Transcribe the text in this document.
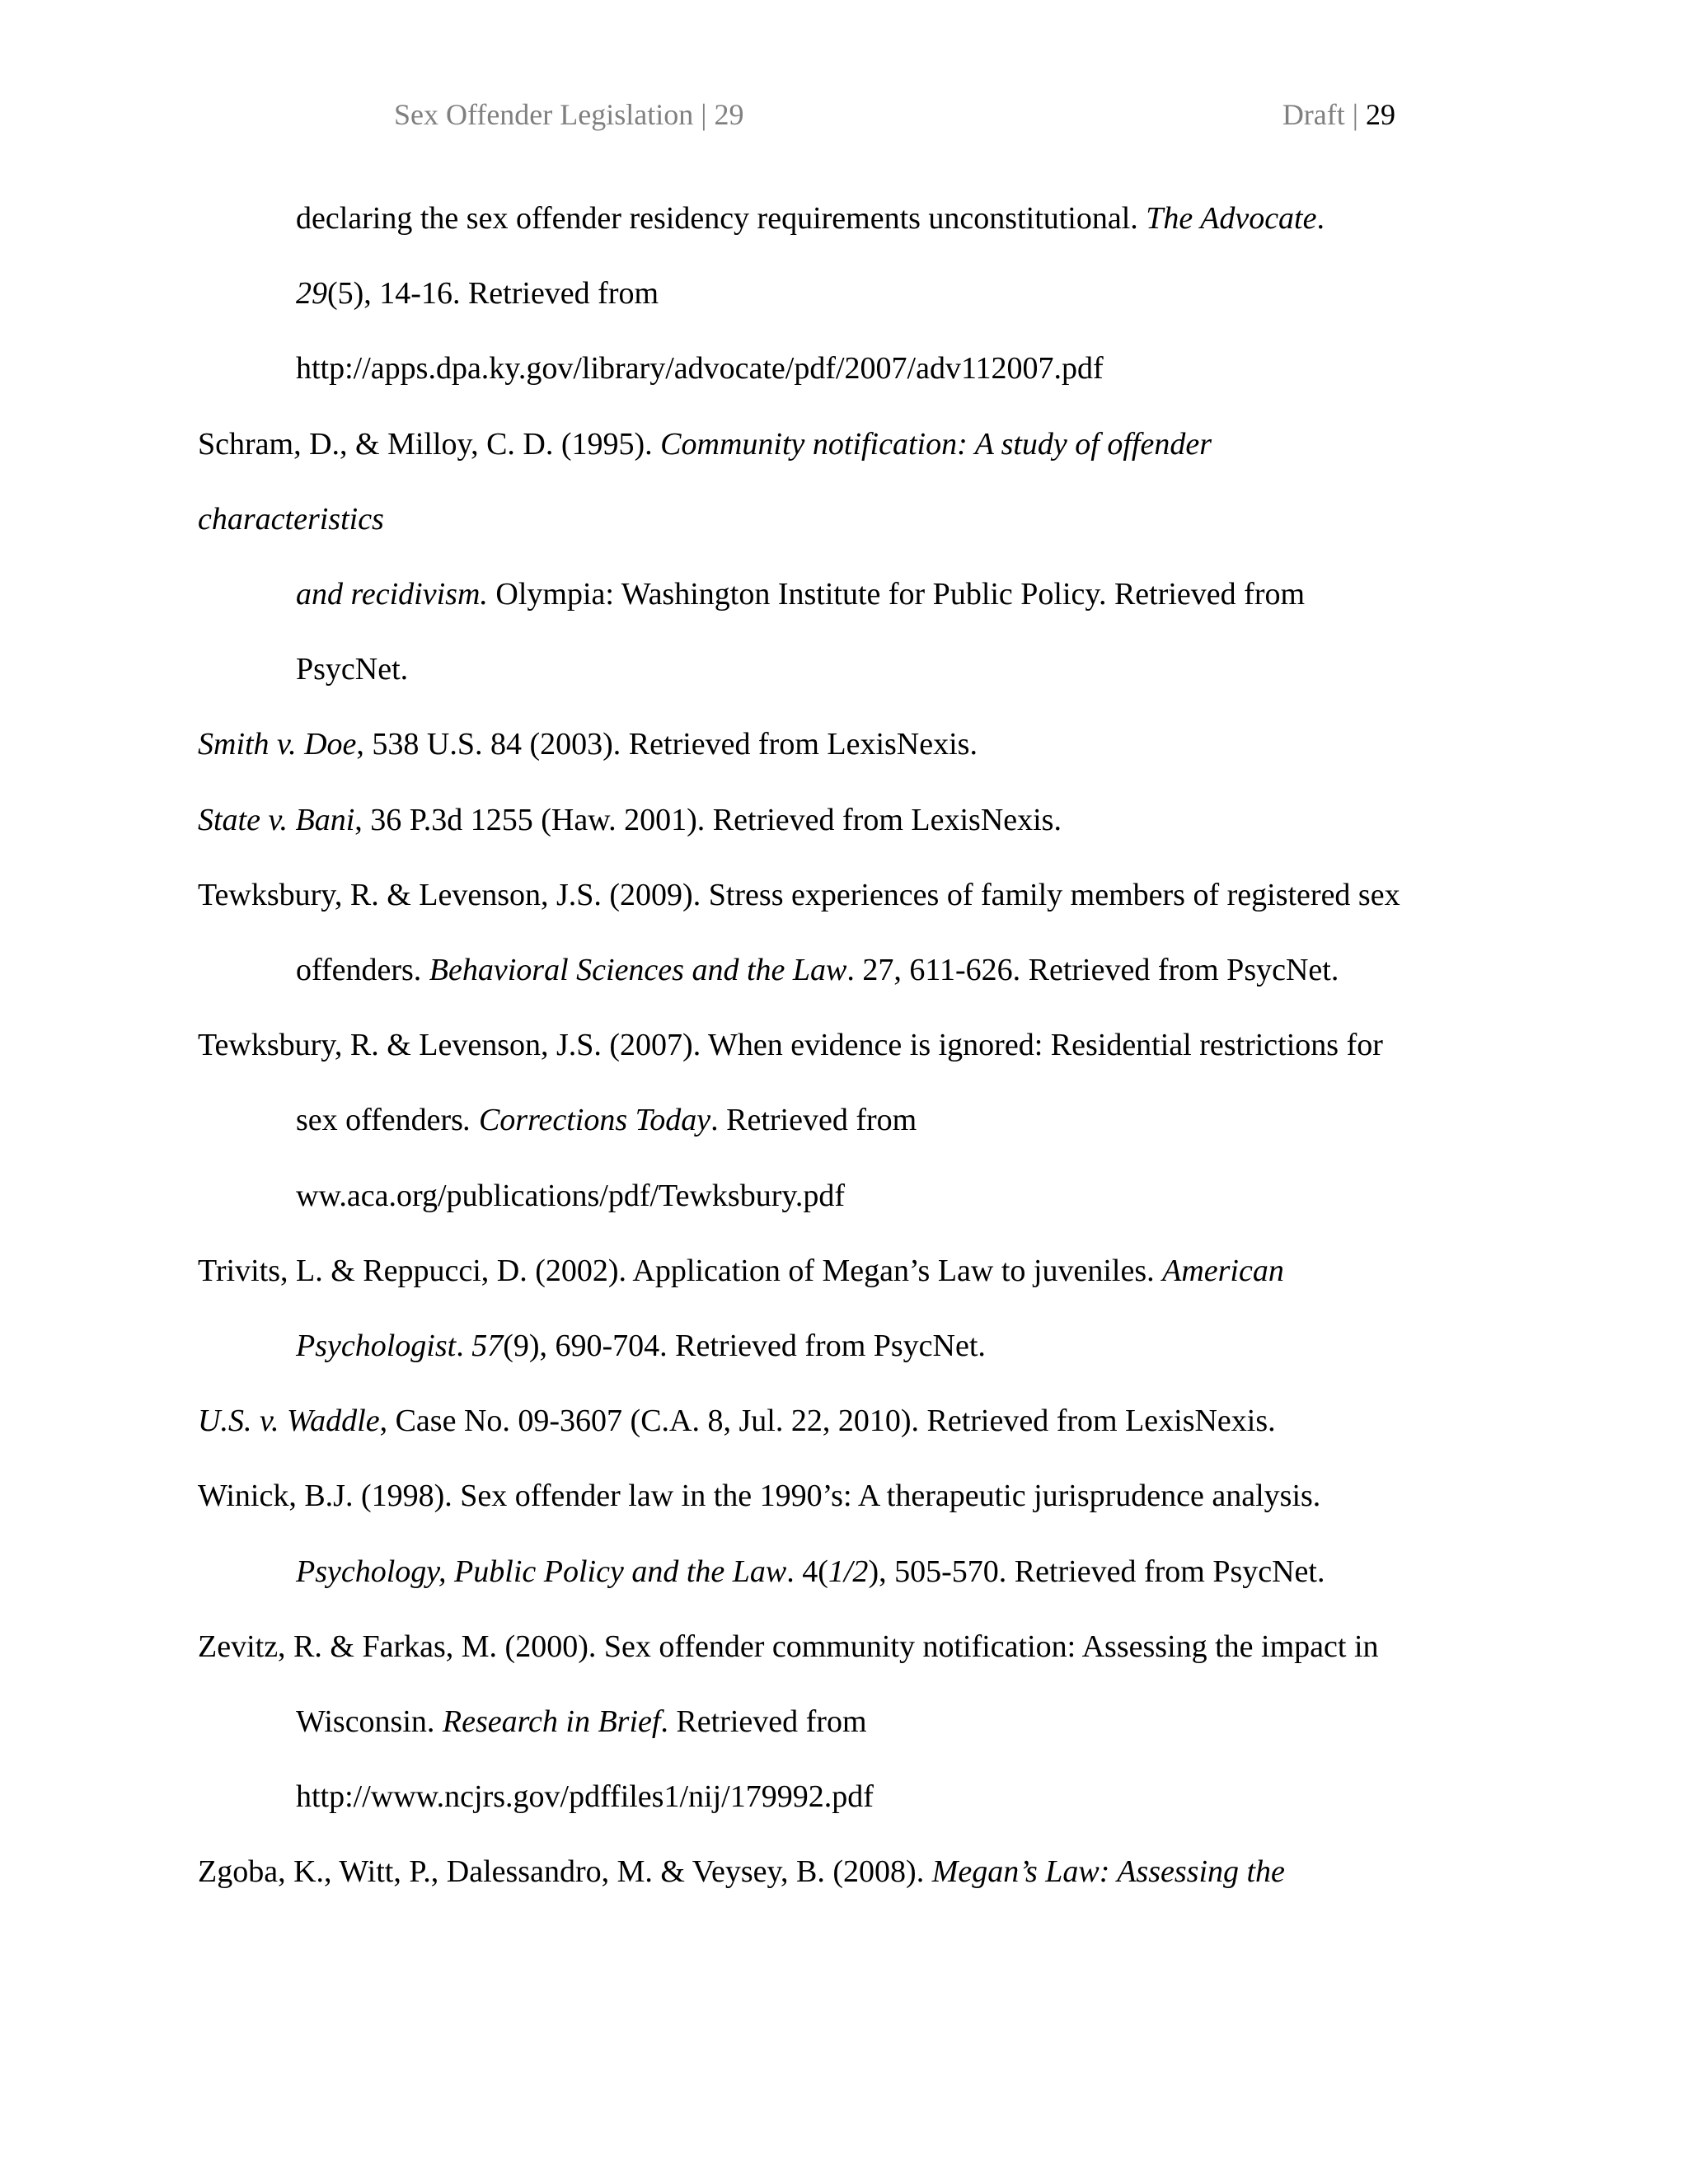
Sex Offender Legislation | 29	Draft | 29
declaring the sex offender residency requirements unconstitutional. The Advocate.
29(5), 14-16. Retrieved from
http://apps.dpa.ky.gov/library/advocate/pdf/2007/adv112007.pdf
Schram, D., & Milloy, C. D. (1995). Community notification: A study of offender
characteristics
and recidivism. Olympia: Washington Institute for Public Policy. Retrieved from
PsycNet.
Smith v. Doe, 538 U.S. 84 (2003). Retrieved from LexisNexis.
State v. Bani, 36 P.3d 1255 (Haw. 2001). Retrieved from LexisNexis.
Tewksbury, R. & Levenson, J.S. (2009). Stress experiences of family members of registered sex
offenders. Behavioral Sciences and the Law. 27, 611-626. Retrieved from PsycNet.
Tewksbury, R. & Levenson, J.S. (2007). When evidence is ignored: Residential restrictions for
sex offenders. Corrections Today. Retrieved from
ww.aca.org/publications/pdf/Tewksbury.pdf
Trivits, L. & Reppucci, D. (2002). Application of Megan’s Law to juveniles. American
Psychologist. 57(9), 690-704. Retrieved from PsycNet.
U.S. v. Waddle, Case No. 09-3607 (C.A. 8, Jul. 22, 2010). Retrieved from LexisNexis.
Winick, B.J. (1998). Sex offender law in the 1990’s: A therapeutic jurisprudence analysis.
Psychology, Public Policy and the Law. 4(1/2), 505-570. Retrieved from PsycNet.
Zevitz, R. & Farkas, M. (2000). Sex offender community notification: Assessing the impact in
Wisconsin. Research in Brief. Retrieved from
http://www.ncjrs.gov/pdffiles1/nij/179992.pdf
Zgoba, K., Witt, P., Dalessandro, M. & Veysey, B. (2008). Megan’s Law: Assessing the
